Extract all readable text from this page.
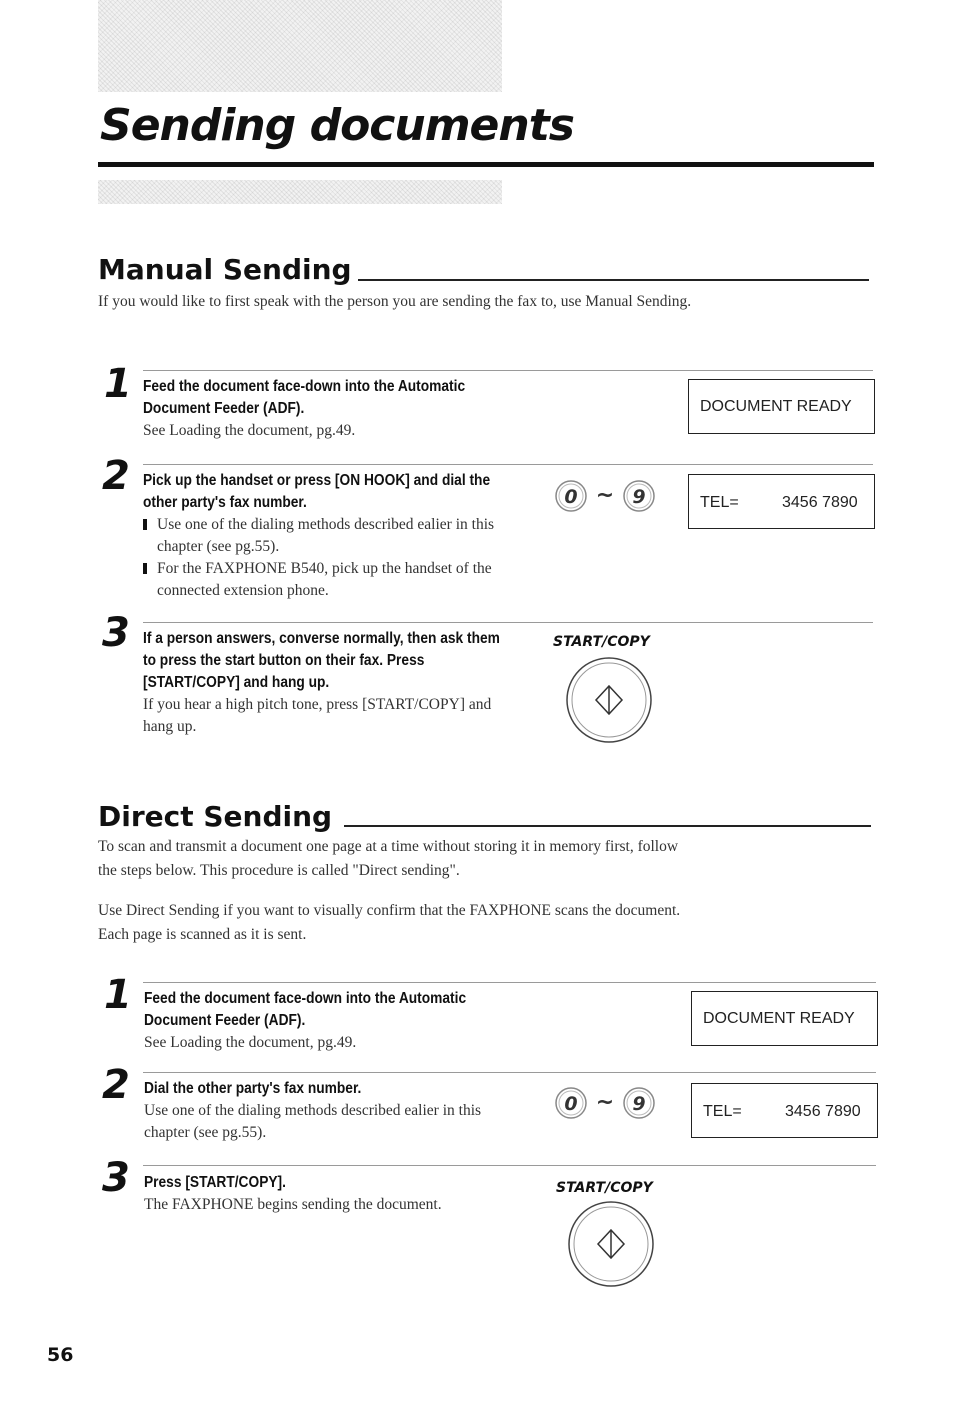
Sending documents
Manual Sending
If you would like to first speak with the person you are sending the fax to, use Manual Sending.
1 Feed the document face-down into the Automatic Document Feeder (ADF).
See Loading the document, pg.49.
DOCUMENT READY
2 Pick up the handset or press [ON HOOK] and dial the other party's fax number.
Use one of the dialing methods described ealier in this chapter (see pg.55).
For the FAXPHONE B540, pick up the handset of the connected extension phone.
0 ~ 9	TEL=	3456 7890
3 If a person answers, converse normally, then ask them to press the start button on their fax. Press [START/COPY] and hang up.
If you hear a high pitch tone, press [START/COPY] and hang up.
START/COPY
Direct Sending
To scan and transmit a document one page at a time without storing it in memory first, follow the steps below. This procedure is called "Direct sending".
Use Direct Sending if you want to visually confirm that the FAXPHONE scans the document. Each page is scanned as it is sent.
1 Feed the document face-down into the Automatic Document Feeder (ADF).
See Loading the document, pg.49.
DOCUMENT READY
2 Dial the other party's fax number.
Use one of the dialing methods described ealier in this chapter (see pg.55).
0 ~ 9	TEL=	3456 7890
3 Press [START/COPY].
The FAXPHONE begins sending the document.
START/COPY
56
